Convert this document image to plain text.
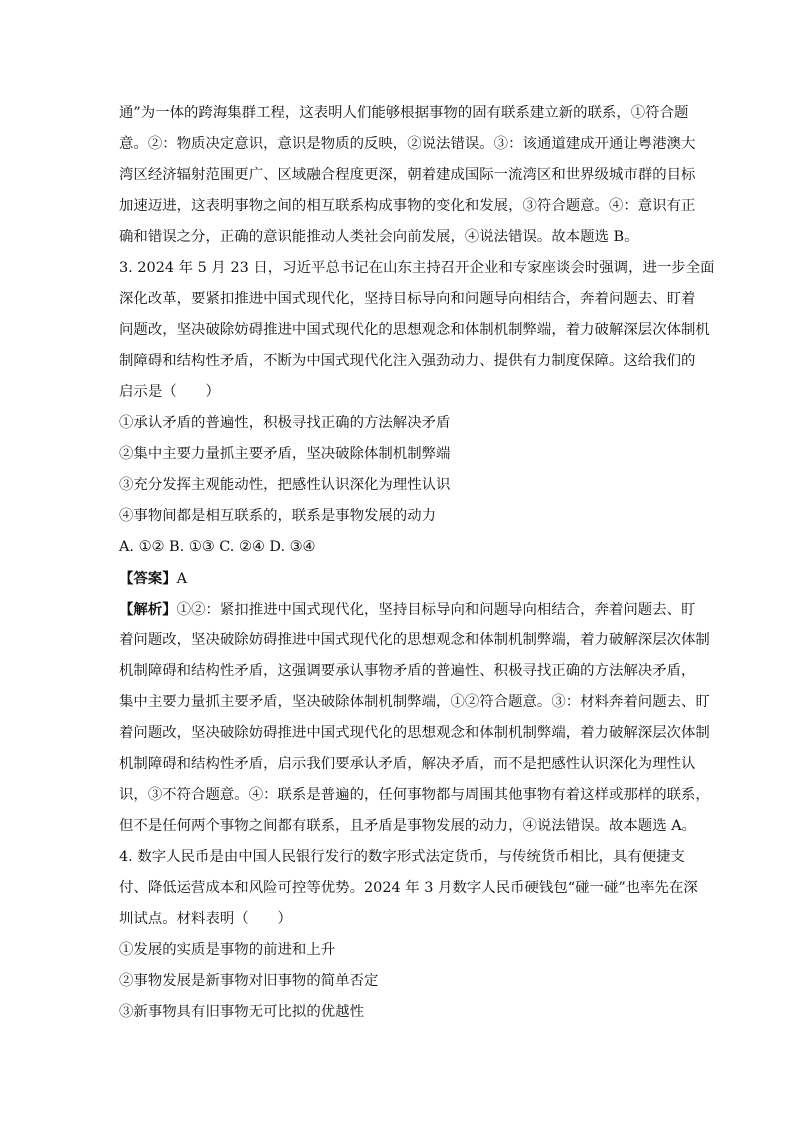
通”为一体的跨海集群工程，这表明人们能够根据事物的固有联系建立新的联系，①符合题
意。②：物质决定意识，意识是物质的反映，②说法错误。③：该通道建成开通让粤港澳大
湾区经济辐射范围更广、区域融合程度更深，朝着建成国际一流湾区和世界级城市群的目标
加速迈进，这表明事物之间的相互联系构成事物的变化和发展，③符合题意。④：意识有正
确和错误之分，正确的意识能推动人类社会向前发展，④说法错误。故本题选 B。
3. 2024 年 5 月 23 日，习近平总书记在山东主持召开企业和专家座谈会时强调，进一步全面
深化改革，要紧扣推进中国式现代化，坚持目标导向和问题导向相结合，奔着问题去、盯着
问题改，坚决破除妨碍推进中国式现代化的思想观念和体制机制弊端，着力破解深层次体制机
制障碍和结构性矛盾，不断为中国式现代化注入强劲动力、提供有力制度保障。这给我们的
启示是（　　）
①承认矛盾的普遍性，积极寻找正确的方法解决矛盾
②集中主要力量抓主要矛盾，坚决破除体制机制弊端
③充分发挥主观能动性，把感性认识深化为理性认识
④事物间都是相互联系的，联系是事物发展的动力
A. ①② B. ①③ C. ②④ D. ③④
【答案】A
【解析】①②：紧扣推进中国式现代化，坚持目标导向和问题导向相结合，奔着问题去、盯
着问题改，坚决破除妨碍推进中国式现代化的思想观念和体制机制弊端，着力破解深层次体制
机制障碍和结构性矛盾，这强调要承认事物矛盾的普遍性、积极寻找正确的方法解决矛盾，
集中主要力量抓主要矛盾，坚决破除体制机制弊端，①②符合题意。③：材料奔着问题去、盯
着问题改，坚决破除妨碍推进中国式现代化的思想观念和体制机制弊端，着力破解深层次体制
机制障碍和结构性矛盾，启示我们要承认矛盾，解决矛盾，而不是把感性认识深化为理性认
识，③不符合题意。④：联系是普遍的，任何事物都与周围其他事物有着这样或那样的联系，
但不是任何两个事物之间都有联系，且矛盾是事物发展的动力，④说法错误。故本题选 A。
4. 数字人民币是由中国人民银行发行的数字形式法定货币，与传统货币相比，具有便捷支
付、降低运营成本和风险可控等优势。2024 年 3 月数字人民币硬钱包“碰一碰”也率先在深
圳试点。材料表明（　　）
①发展的实质是事物的前进和上升
②事物发展是新事物对旧事物的简单否定
③新事物具有旧事物无可比拟的优越性
